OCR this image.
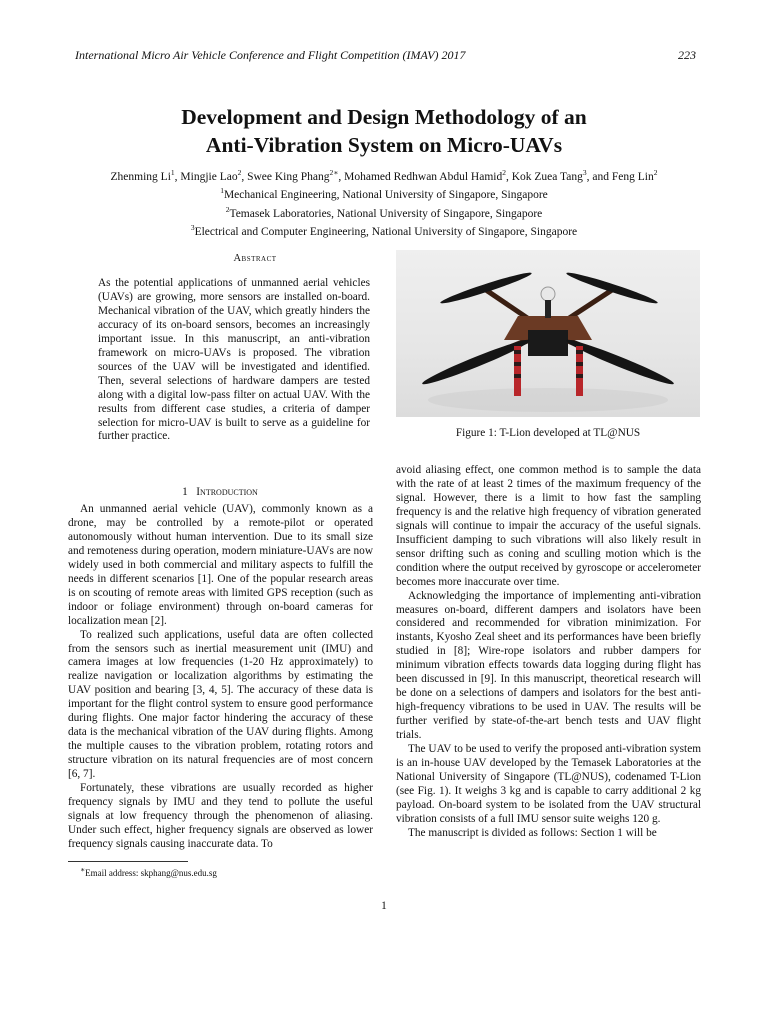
International Micro Air Vehicle Conference and Flight Competition (IMAV) 2017	223
Development and Design Methodology of an
Anti-Vibration System on Micro-UAVs
Zhenming Li$^1$, Mingjie Lao$^2$, Swee King Phang$^{2∗}$, Mohamed Redhwan Abdul Hamid$^2$, Kok Zuea Tang$^3$, and Feng Lin$^2$
$^1$Mechanical Engineering, National University of Singapore, Singapore
$^2$Temasek Laboratories, National University of Singapore, Singapore
$^3$Electrical and Computer Engineering, National University of Singapore, Singapore
Abstract

As the potential applications of unmanned aerial vehicles (UAVs) are growing, more sensors are installed on-board. Mechanical vibration of the UAV, which greatly hinders the accuracy of its on-board sensors, becomes an increasingly important issue. In this manuscript, an anti-vibration framework on micro-UAVs is proposed. The vibration sources of the UAV will be investigated and identified. Then, several selections of hardware dampers are tested along with a digital low-pass filter on actual UAV. With the results from different case studies, a criteria of damper selection for micro-UAV is built to serve as a guideline for further practice.

1 Introduction

An unmanned aerial vehicle (UAV), commonly known as a drone, may be controlled by a remote-pilot or operated autonomously without human intervention. Due to its small size and remoteness during operation, modern miniature-UAVs are now widely used in both commercial and military aspects to fulfill the needs in different scenarios [1]. One of the popular research areas is on scouting of remote areas with limited GPS reception (such as indoor or foliage environment) through on-board cameras for localization mean [2].

To realized such applications, useful data are often collected from the sensors such as inertial measurement unit (IMU) and camera images at low frequencies (1-20 Hz approximately) to realize navigation or localization algorithms by estimating the UAV position and bearing [3, 4, 5]. The accuracy of these data is important for the flight control system to ensure good performance during flights. One major factor hindering the accuracy of these data is the mechanical vibration of the UAV during flights. Among the multiple causes to the vibration problem, rotating rotors and structure vibration on its natural frequencies are of most concern [6, 7].

Fortunately, these vibrations are usually recorded as higher frequency signals by IMU and they tend to pollute the useful signals at low frequency through the phenomenon of aliasing. Under such effect, higher frequency signals are observed as lower frequency signals causing inaccurate data. To

∗Email address: skphang@nus.edu.sg
Figure 1: T-Lion developed at TL@NUS

avoid aliasing effect, one common method is to sample the data with the rate of at least 2 times of the maximum frequency of the signal. However, there is a limit to how fast the sampling frequency is and the relative high frequency of vibration generated signals will continue to impair the accuracy of the useful signals. Insufficient damping to such vibrations will also likely result in sensor drifting such as coning and sculling motion which is the condition where the output received by gyroscope or accelerometer becomes more inaccurate over time.

Acknowledging the importance of implementing anti-vibration measures on-board, different dampers and isolators have been considered and recommended for vibration minimization. For instants, Kyosho Zeal sheet and its performances have been briefly studied in [8]; Wire-rope isolators and rubber dampers for minimum vibration effects towards data logging during flight has been discussed in [9]. In this manuscript, theoretical research will be done on a selections of dampers and isolators for the best anti-high-frequency vibrations to be used in UAV. The results will be further verified by state-of-the-art bench tests and UAV flight trials.

The UAV to be used to verify the proposed anti-vibration system is an in-house UAV developed by the Temasek Laboratories at the National University of Singapore (TL@NUS), codenamed T-Lion (see Fig. 1). It weighs 3 kg and is capable to carry additional 2 kg payload. On-board system to be isolated from the UAV structural vibration consists of a full IMU sensor suite weighs 120 g.

The manuscript is divided as follows: Section 1 will be

1
